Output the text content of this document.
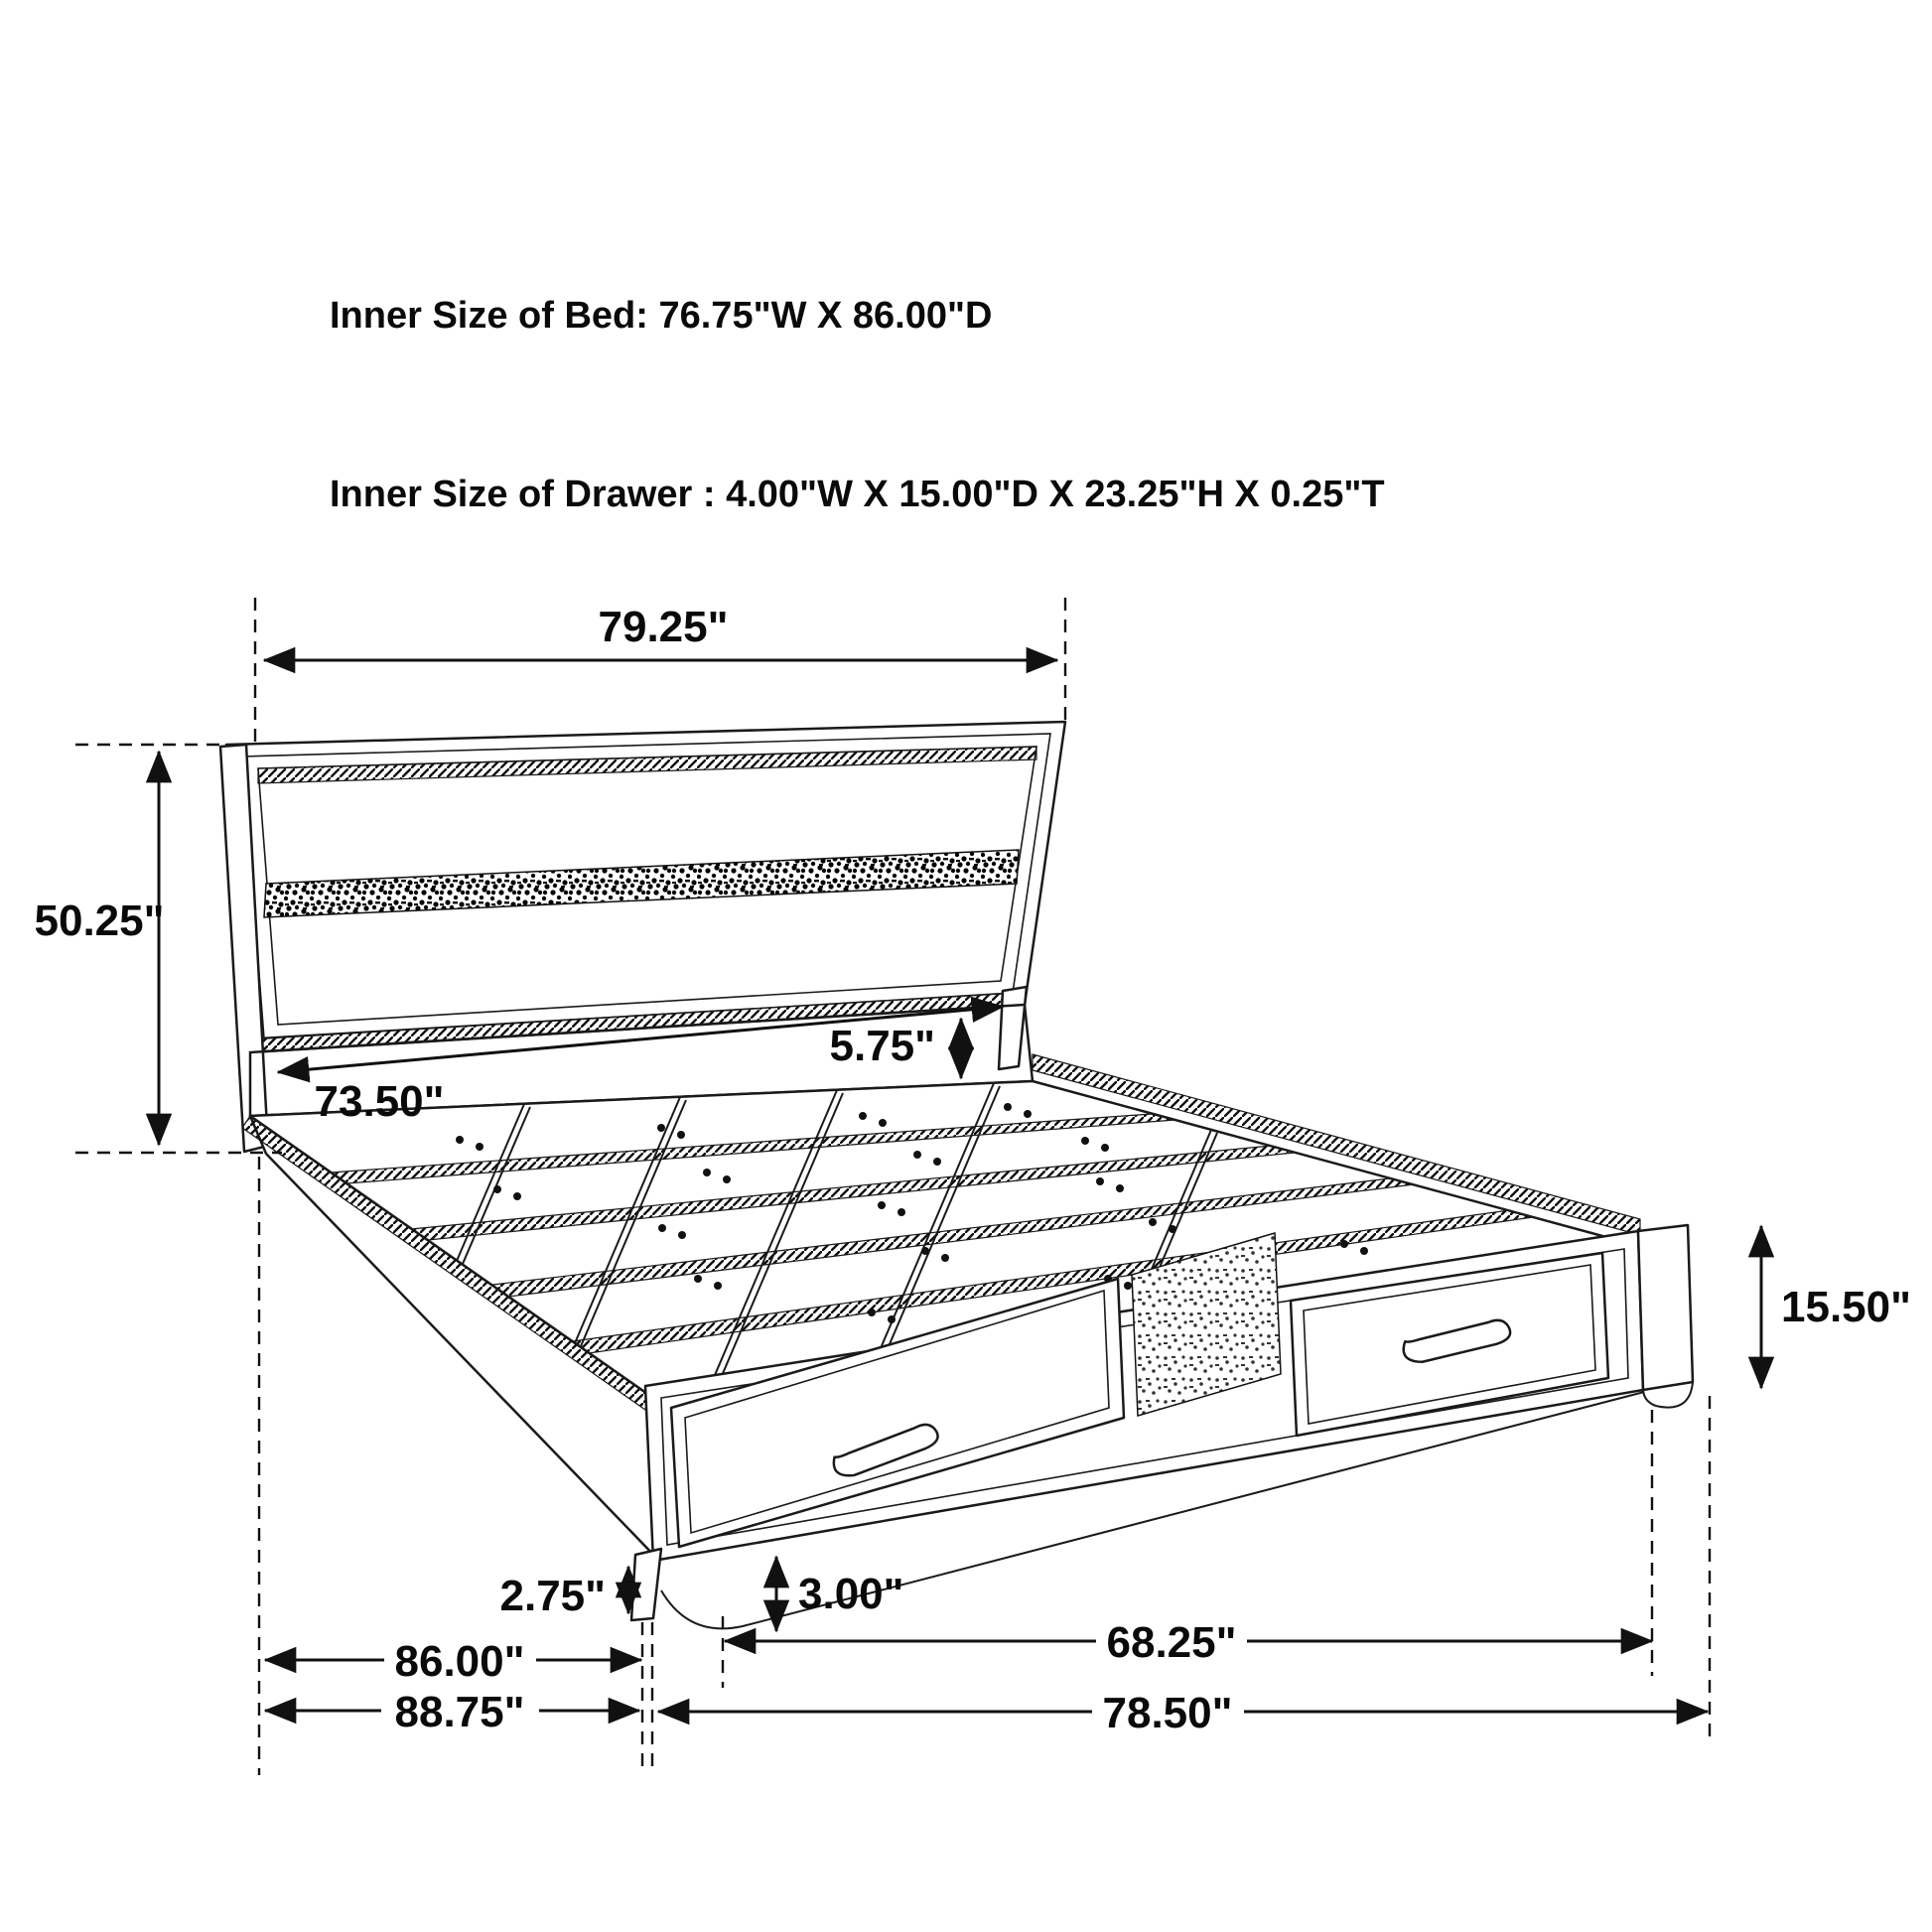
Inner Size of Bed: 76.75"W X 86.00"D

Inner Size of Drawer : 4.00"W X 15.00"D X 23.25"H X 0.25"T

79.25"
50.25"
73.50"
5.75"
15.50"
2.75"	3.00"
68.25"
86.00"
88.75"	78.50"
